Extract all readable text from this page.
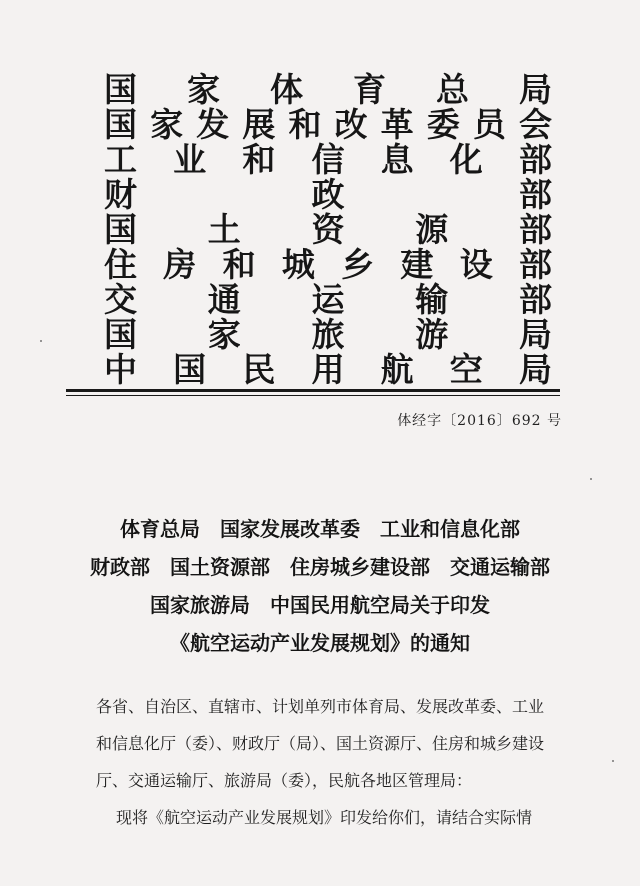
国 家 体 育 总 局
国 家 发 展 和 改 革 委 员 会
工 业 和 信 息 化 部
财	政	部
国 土 资 源 部
住 房 和 城 乡 建 设 部
交 通 运 输 部
国 家 旅 游 局
中 国 民 用 航 空 局
体经字〔2016〕692 号
体育总局　国家发展改革委　工业和信息化部
财政部　国土资源部　住房城乡建设部　交通运输部
国家旅游局　中国民用航空局关于印发
《航空运动产业发展规划》的通知
各省、自治区、直辖市、计划单列市体育局、发展改革委、工业
和信息化厅（委）、财政厅（局）、国土资源厅、住房和城乡建设
厅、交通运输厅、旅游局（委），民航各地区管理局：
现将《航空运动产业发展规划》印发给你们，请结合实际情
